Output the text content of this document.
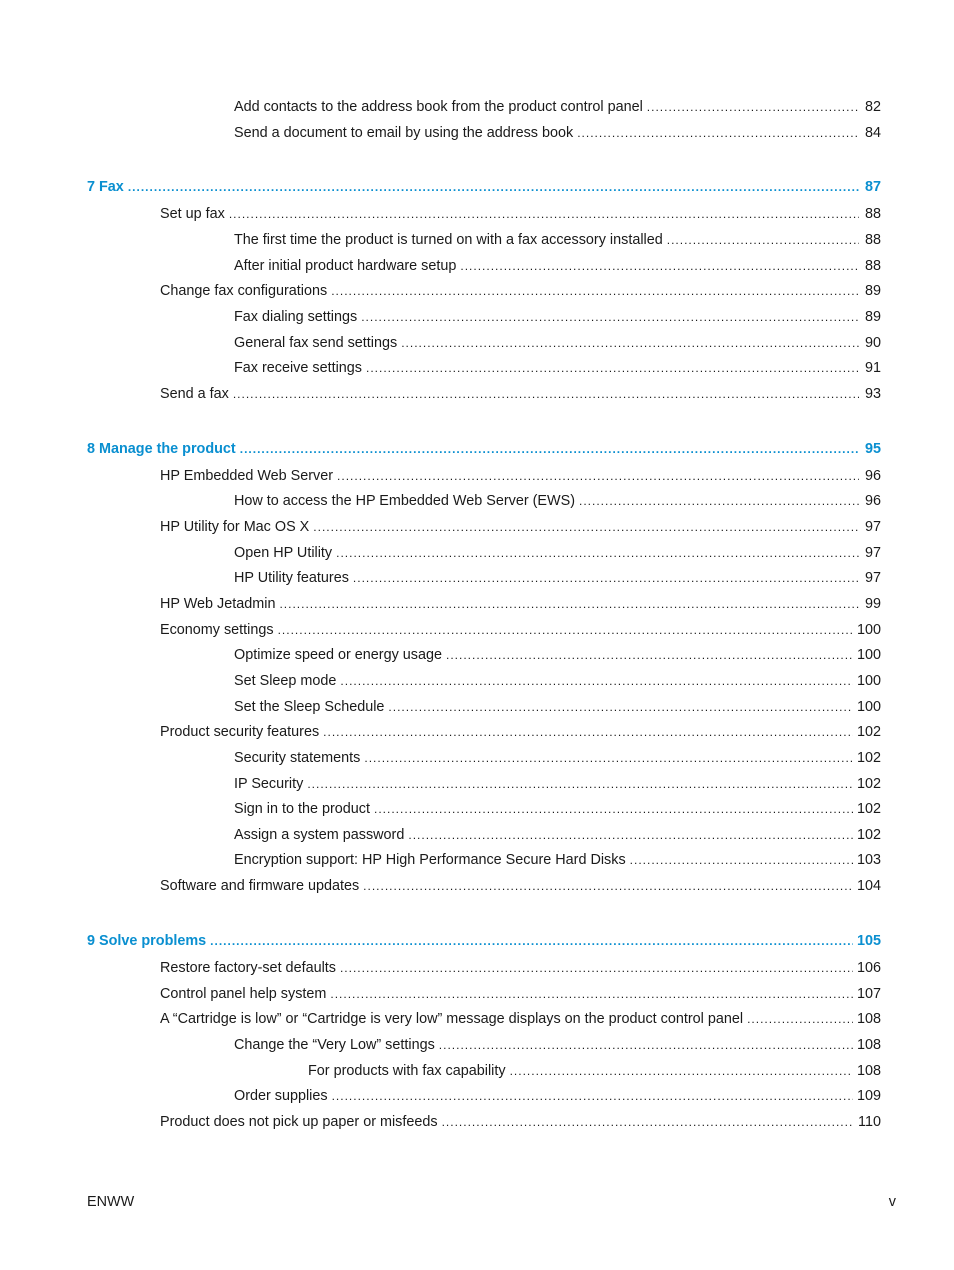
Add contacts to the address book from the product control panel .....	82
Send a document to email by using the address book .....	84
7 Fax .....	87
Set up fax .....	88
The first time the product is turned on with a fax accessory installed .....	88
After initial product hardware setup .....	88
Change fax configurations .....	89
Fax dialing settings .....	89
General fax send settings .....	90
Fax receive settings .....	91
Send a fax .....	93
8 Manage the product .....	95
HP Embedded Web Server .....	96
How to access the HP Embedded Web Server (EWS) .....	96
HP Utility for Mac OS X .....	97
Open HP Utility .....	97
HP Utility features .....	97
HP Web Jetadmin .....	99
Economy settings .....	100
Optimize speed or energy usage .....	100
Set Sleep mode .....	100
Set the Sleep Schedule .....	100
Product security features .....	102
Security statements .....	102
IP Security .....	102
Sign in to the product .....	102
Assign a system password .....	102
Encryption support: HP High Performance Secure Hard Disks .....	103
Software and firmware updates .....	104
9 Solve problems .....	105
Restore factory-set defaults .....	106
Control panel help system .....	107
A “Cartridge is low” or “Cartridge is very low” message displays on the product control panel .....	108
Change the “Very Low” settings .....	108
For products with fax capability .....	108
Order supplies .....	109
Product does not pick up paper or misfeeds .....	110
ENWW	v
